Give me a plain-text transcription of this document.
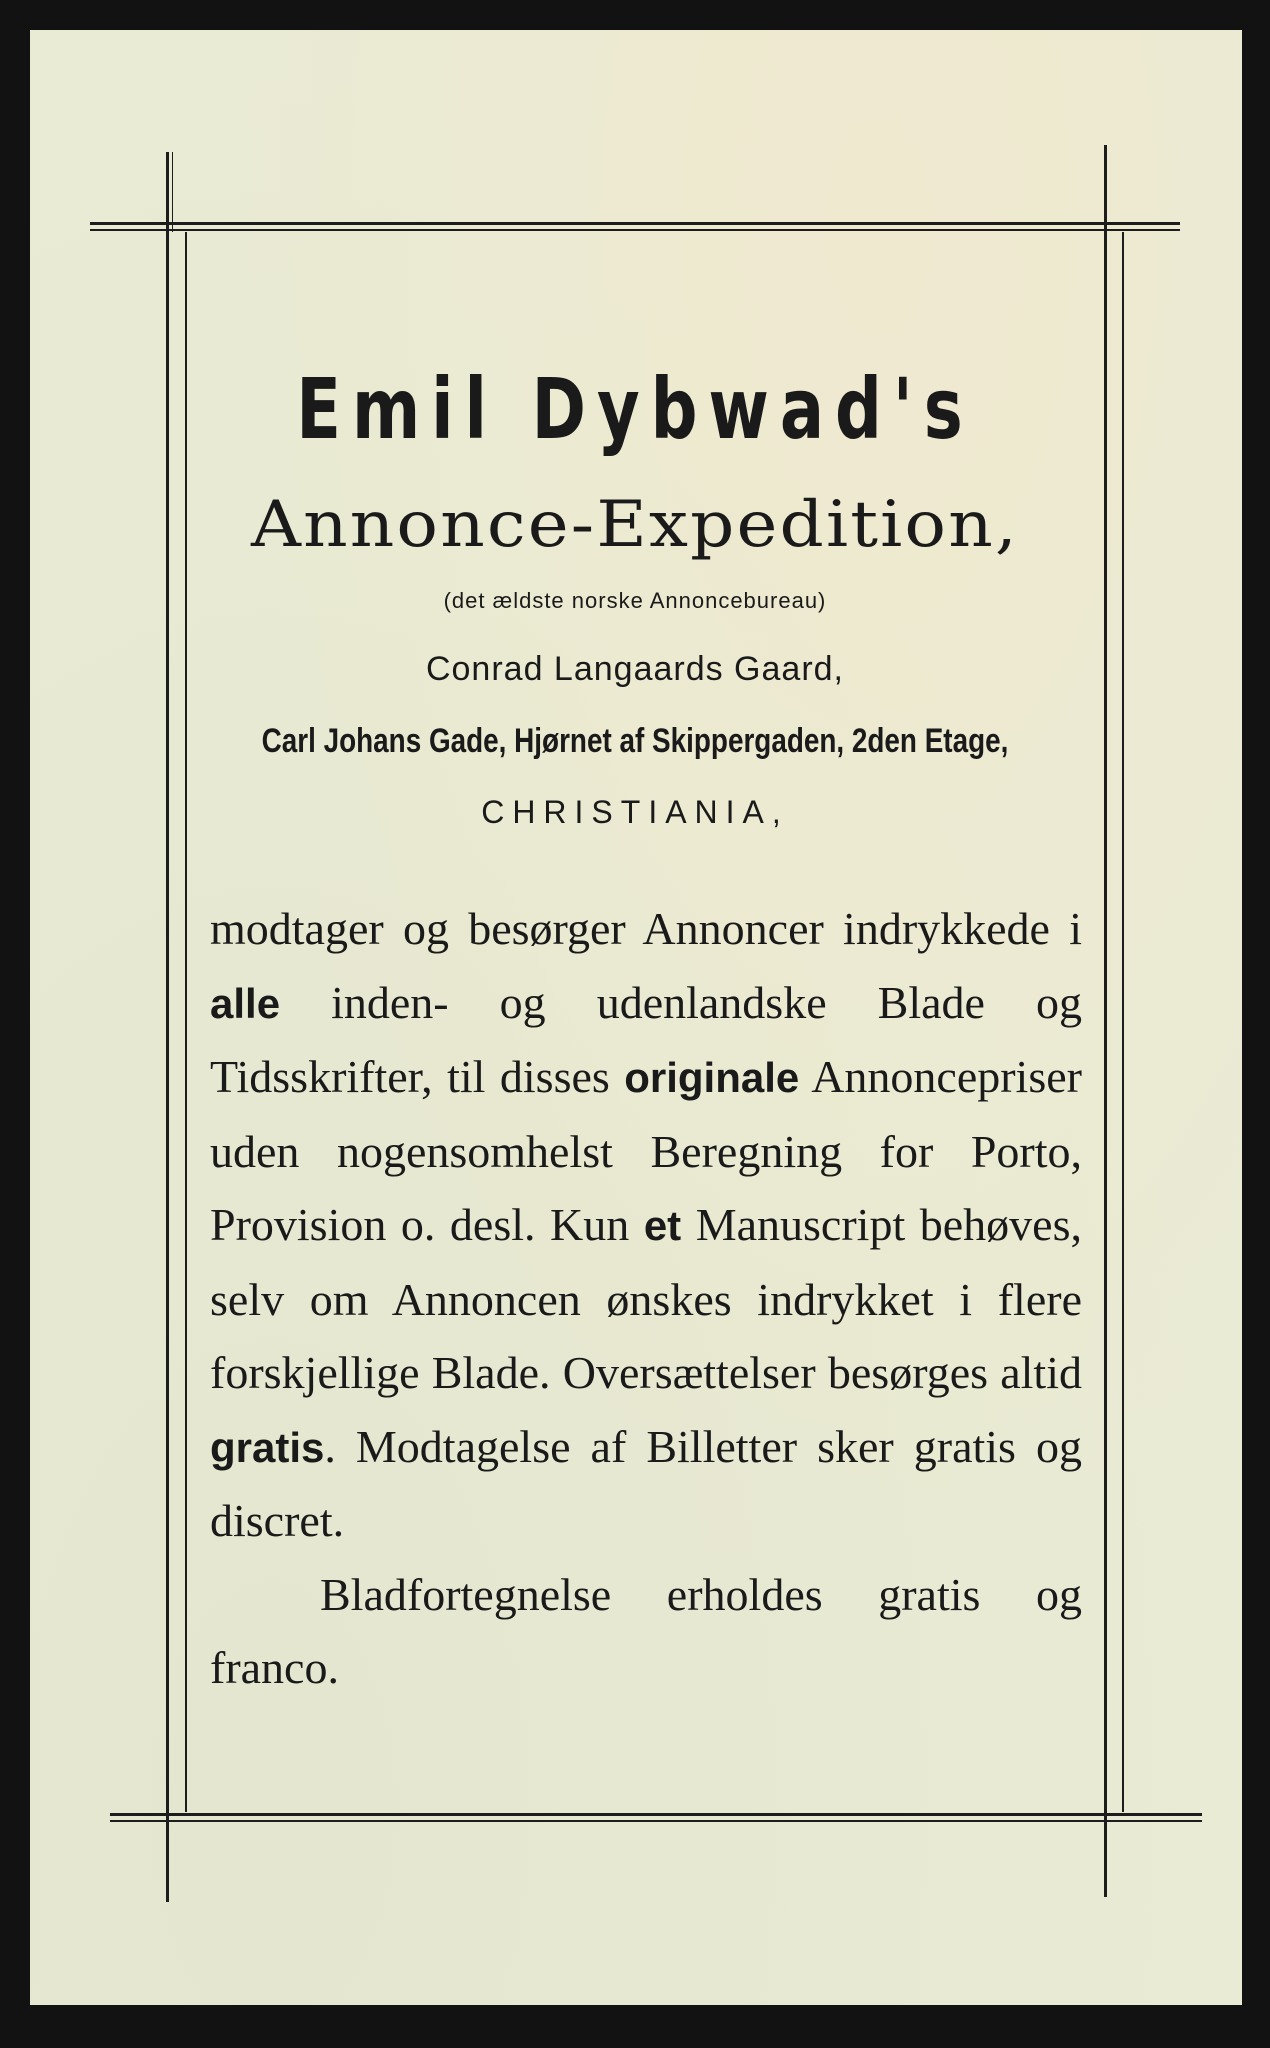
Emil Dybwad's
Annonce-Expedition,
(det ældste norske Annoncebureau)
Conrad Langaards Gaard,
Carl Johans Gade, Hjørnet af Skippergaden, 2den Etage,
CHRISTIANIA,

modtager og besørger Annoncer indrykkede i alle inden- og udenlandske Blade og Tidsskrifter, til disses originale Annoncepriser uden nogensomhelst Beregning for Porto, Provision o. desl. Kun et Manuscript behøves, selv om Annoncen ønskes indrykket i flere forskjellige Blade. Oversættelser besørges altid gratis. Modtagelse af Billetter sker gratis og discret.

Bladfortegnelse erholdes gratis og franco.
